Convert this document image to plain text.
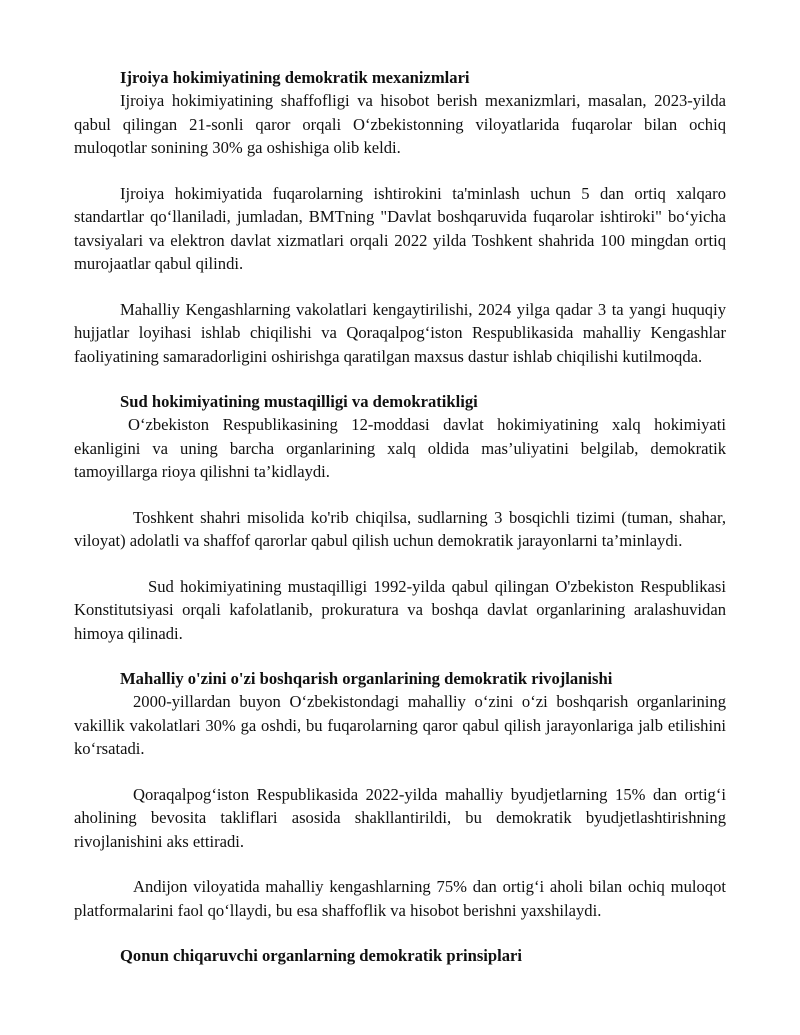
Ijroiya hokimiyatining demokratik mexanizmlari

Ijroiya hokimiyatining shaffofligi va hisobot berish mexanizmlari, masalan, 2023-yilda qabul qilingan 21-sonli qaror orqali O‘zbekistonning viloyatlarida fuqarolar bilan ochiq muloqotlar sonining 30% ga oshishiga olib keldi.

Ijroiya hokimiyatida fuqarolarning ishtirokini ta'minlash uchun 5 dan ortiq xalqaro standartlar qo‘llaniladi, jumladan, BMTning "Davlat boshqaruvida fuqarolar ishtiroki" bo‘yicha tavsiyalari va elektron davlat xizmatlari orqali 2022 yilda Toshkent shahrida 100 mingdan ortiq murojaatlar qabul qilindi.

Mahalliy Kengashlarning vakolatlari kengaytirilishi, 2024 yilga qadar 3 ta yangi huquqiy hujjatlar loyihasi ishlab chiqilishi va Qoraqalpog‘iston Respublikasida mahalliy Kengashlar faoliyatining samaradorligini oshirishga qaratilgan maxsus dastur ishlab chiqilishi kutilmoqda.

Sud hokimiyatining mustaqilligi va demokratikligi

O‘zbekiston Respublikasining 12-moddasi davlat hokimiyatining xalq hokimiyati ekanligini va uning barcha organlarining xalq oldida mas’uliyatini belgilab, demokratik tamoyillarga rioya qilishni ta’kidlaydi.

Toshkent shahri misolida ko'rib chiqilsa, sudlarning 3 bosqichli tizimi (tuman, shahar, viloyat) adolatli va shaffof qarorlar qabul qilish uchun demokratik jarayonlarni ta’minlaydi.

Sud hokimiyatining mustaqilligi 1992-yilda qabul qilingan O'zbekiston Respublikasi Konstitutsiyasi orqali kafolatlanib, prokuratura va boshqa davlat organlarining aralashuvidan himoya qilinadi.

Mahalliy o'zini o'zi boshqarish organlarining demokratik rivojlanishi

2000-yillardan buyon O‘zbekistondagi mahalliy o‘zini o‘zi boshqarish organlarining vakillik vakolatlari 30% ga oshdi, bu fuqarolarning qaror qabul qilish jarayonlariga jalb etilishini ko‘rsatadi.

Qoraqalpog‘iston Respublikasida 2022-yilda mahalliy byudjetlarning 15% dan ortig‘i aholining bevosita takliflari asosida shakllantirildi, bu demokratik byudjetlashtirishning rivojlanishini aks ettiradi.

Andijon viloyatida mahalliy kengashlarning 75% dan ortig‘i aholi bilan ochiq muloqot platformalarini faol qo‘llaydi, bu esa shaffoflik va hisobot berishni yaxshilaydi.

Qonun chiqaruvchi organlarning demokratik prinsiplari
